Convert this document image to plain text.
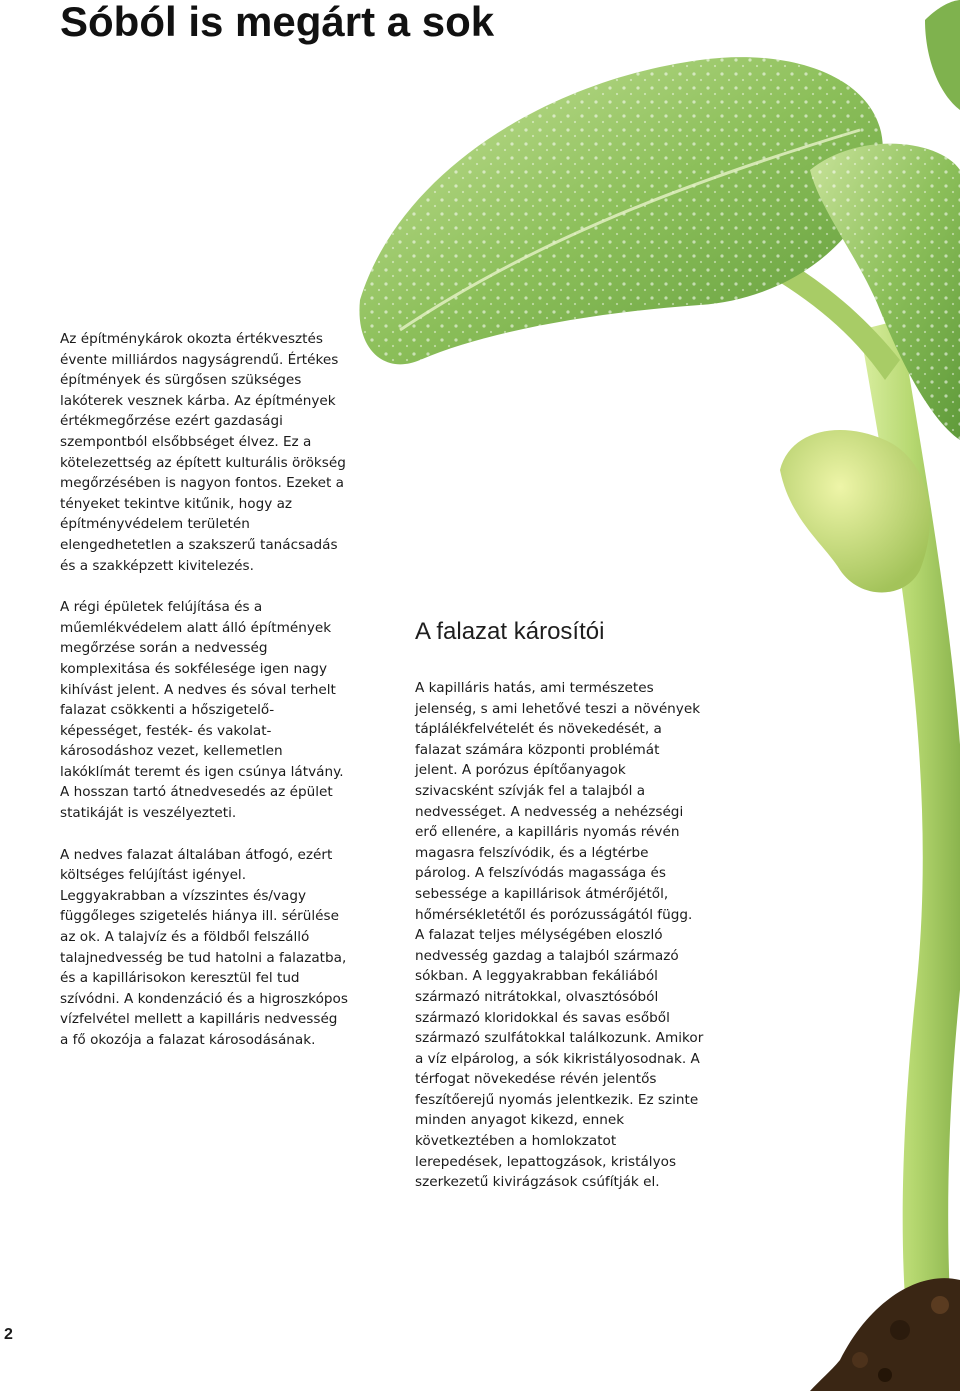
Sóból is megárt a sok

Az építménykárok okozta értékvesztés évente milliárdos nagyságrendű. Értékes építmények és sürgősen szükséges lakóterek vesznek kárba. Az építmények értékmegőrzése ezért gazdasági szempontból elsőbbséget élvez. Ez a kötelezettség az épített kulturális örökség megőrzésében is nagyon fontos. Ezeket a tényeket tekintve kitűnik, hogy az építményvédelem területén elengedhetetlen a szakszerű tanácsadás és a szakképzett kivitelezés.

A régi épületek felújítása és a műemlékvédelem alatt álló építmények megőrzése során a nedvesség komplexitása és sokfélesége igen nagy kihívást jelent. A nedves és sóval terhelt falazat csökkenti a hőszigetelő-képességet, festék- és vakolat-károsodáshoz vezet, kellemetlen lakóklímát teremt és igen csúnya látvány. A hosszan tartó átnedvesedés az épület statikáját is veszélyezteti.

A nedves falazat általában átfogó, ezért költséges felújítást igényel. Leggyakrabban a vízszintes és/vagy függőleges szigetelés hiánya ill. sérülése az ok. A talajvíz és a földből felszálló talajnedvesség be tud hatolni a falazatba, és a kapillárisokon keresztül fel tud szívódni. A kondenzáció és a higroszkópos vízfelvétel mellett a kapilláris nedvesség a fő okozója a falazat károsodásának.

A falazat károsítói

A kapilláris hatás, ami természetes jelenség, s ami lehetővé teszi a növények táplálékfelvételét és növekedését, a falazat számára központi problémát jelent. A porózus építőanyagok szivacsként szívják fel a talajból a nedvességet. A nedvesség a nehézségi erő ellenére, a kapilláris nyomás révén magasra felszívódik, és a légtérbe párolog. A felszívódás magassága és sebessége a kapillárisok átmérőjétől, hőmérsékletétől és porózusságától függ. A falazat teljes mélységében eloszló nedvesség gazdag a talajból származó sókban. A leggyakrabban fekáliából származó nitrátokkal, olvasztósóból származó kloridokkal és savas esőből származó szulfátokkal találkozunk. Amikor a víz elpárolog, a sók kikristályosodnak. A térfogat növekedése révén jelentős feszítőerejű nyomás jelentkezik. Ez szinte minden anyagot kikezd, ennek következtében a homlokzatot lerepedések, lepattogzások, kristályos szerkezetű kivirágzások csúfítják el.

2
